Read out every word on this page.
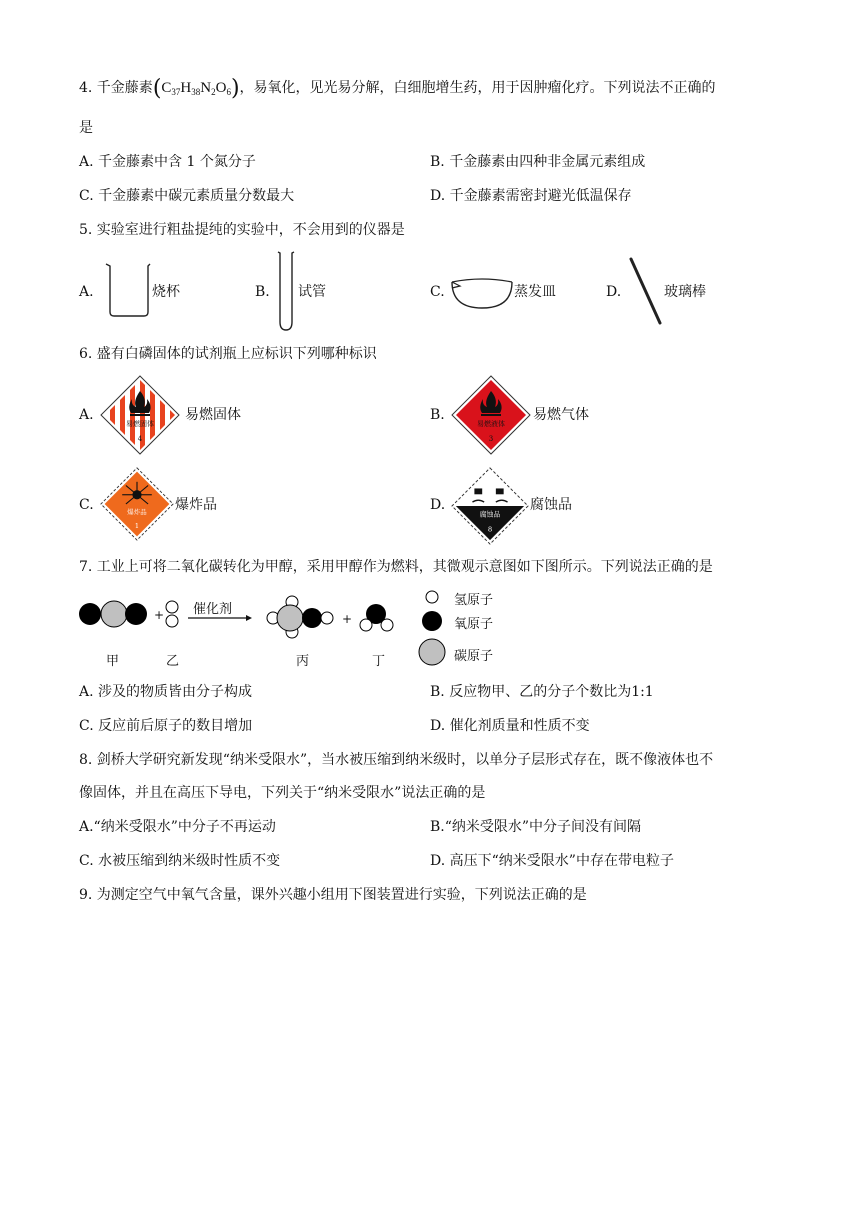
4. 千金藤素$(C_{37}H_{38}N_2O_6)$，易氧化，见光易分解，白细胞增生药，用于因肿瘤化疗。下列说法不正确的
是
A. 千金藤素中含 1 个氮分子	B. 千金藤素由四种非金属元素组成
C. 千金藤素中碳元素质量分数最大	D. 千金藤素需密封避光低温保存
5. 实验室进行粗盐提纯的实验中，不会用到的仪器是
A.	烧杯	B. 试管	C.	蒸发皿	D.	玻璃棒
6. 盛有白磷固体的试剂瓶上应标识下列哪种标识
A.
易燃固体
4
易燃固体	B.
易燃液体
3
易燃气体
C.	爆炸品
1
爆炸品	D.
腐蚀品
8
腐蚀品
7. 工业上可将二氧化碳转化为甲醇，采用甲醇作为燃料，其微观示意图如下图所示。下列说法正确的是
+	+
催化剂
甲	乙	丙	丁
氢原子
氧原子
碳原子
A. 涉及的物质皆由分子构成	B. 反应物甲、乙的分子个数比为1:1
C. 反应前后原子的数目增加	D. 催化剂质量和性质不变
8. 剑桥大学研究新发现“纳米受限水”，当水被压缩到纳米级时，以单分子层形式存在，既不像液体也不
像固体，并且在高压下导电，下列关于“纳米受限水”说法正确的是
A.“纳米受限水”中分子不再运动	B.“纳米受限水”中分子间没有间隔
C. 水被压缩到纳米级时性质不变	D. 高压下“纳米受限水”中存在带电粒子
9. 为测定空气中氧气含量，课外兴趣小组用下图装置进行实验，下列说法正确的是
